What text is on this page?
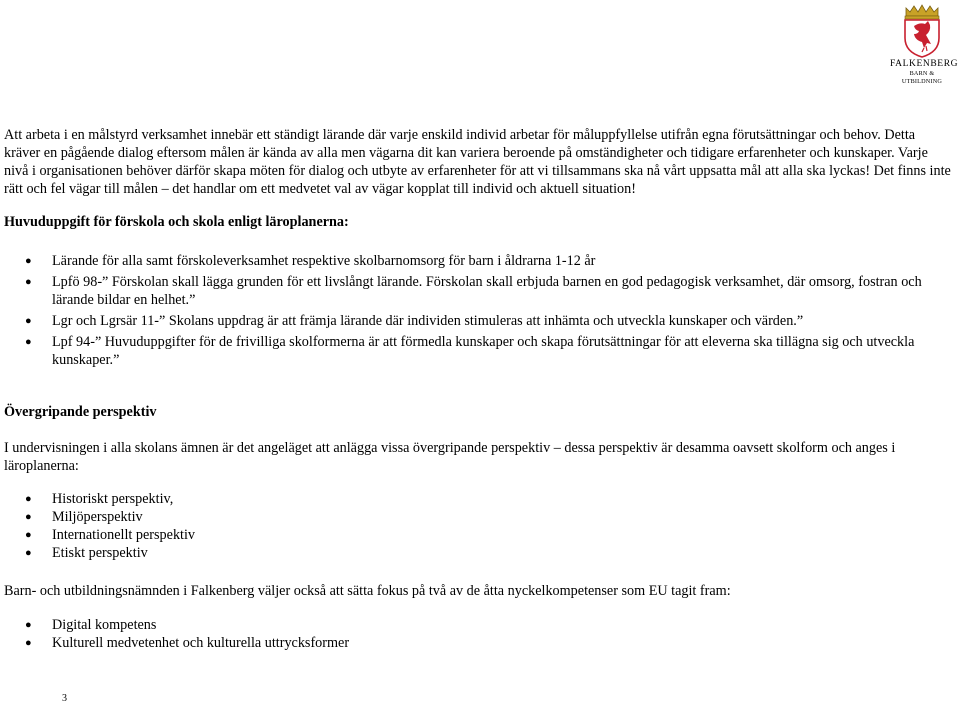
FALKENBERG
BARN & UTBILDNING

Att arbeta i en målstyrd verksamhet innebär ett ständigt lärande där varje enskild individ arbetar för måluppfyllelse utifrån egna förutsättningar och behov. Detta kräver en pågående dialog eftersom målen är kända av alla men vägarna dit kan variera beroende på omständigheter och tidigare erfarenheter och kunskaper. Varje nivå i organisationen behöver därför skapa möten för dialog och utbyte av erfarenheter för att vi tillsammans ska nå vårt uppsatta mål att alla ska lyckas! Det finns inte rätt och fel vägar till målen – det handlar om ett medvetet val av vägar kopplat till individ och aktuell situation!

Huvuduppgift för förskola och skola enligt läroplanerna:

● Lärande för alla samt förskoleverksamhet respektive skolbarnomsorg för barn i åldrarna 1-12 år
● Lpfö 98-” Förskolan skall lägga grunden för ett livslångt lärande. Förskolan skall erbjuda barnen en god pedagogisk verksamhet, där omsorg, fostran och lärande bildar en helhet.”
● Lgr och Lgrsär 11-” Skolans uppdrag är att främja lärande där individen stimuleras att inhämta och utveckla kunskaper och värden.”
● Lpf 94-” Huvuduppgifter för de frivilliga skolformerna är att förmedla kunskaper och skapa förutsättningar för att eleverna ska tillägna sig och utveckla kunskaper.”

Övergripande perspektiv

I undervisningen i alla skolans ämnen är det angeläget att anlägga vissa övergripande perspektiv – dessa perspektiv är desamma oavsett skolform och anges i läroplanerna:

● Historiskt perspektiv,
● Miljöperspektiv
● Internationellt perspektiv
● Etiskt perspektiv

Barn- och utbildningsnämnden i Falkenberg väljer också att sätta fokus på två av de åtta nyckelkompetenser som EU tagit fram:

● Digital kompetens
● Kulturell medvetenhet och kulturella uttrycksformer
3
